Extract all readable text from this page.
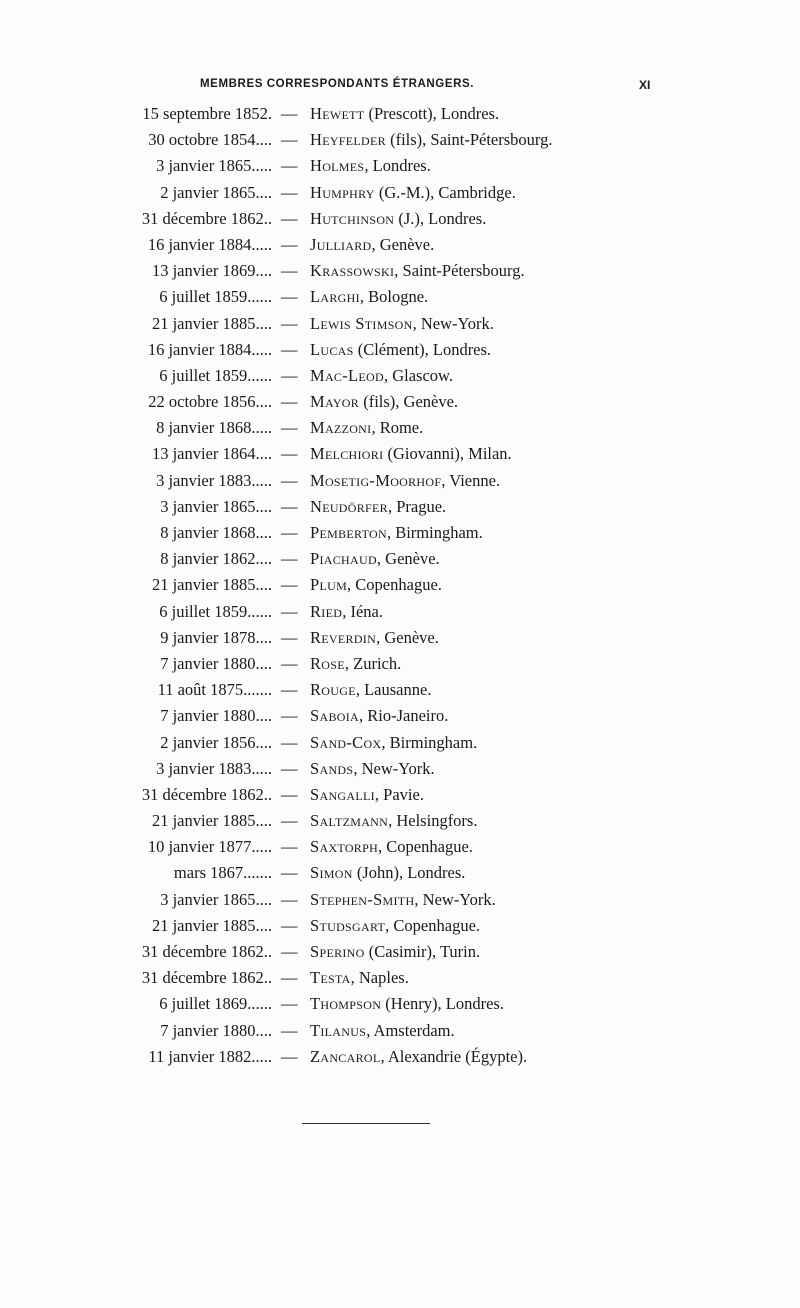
MEMBRES CORRESPONDANTS ÉTRANGERS.	XI
15 septembre 1852. — Hewett (Prescott), Londres.
30 octobre 1854.... — Heyfelder (fils), Saint-Pétersbourg.
3 janvier 1865..... — Holmes, Londres.
2 janvier 1865.... — Humphry (G.-M.), Cambridge.
31 décembre 1862.. — Hutchinson (J.), Londres.
16 janvier 1884..... — Julliard, Genève.
13 janvier 1869.... — Krassowski, Saint-Pétersbourg.
6 juillet 1859...... — Larghi, Bologne.
21 janvier 1885.... — Lewis Stimson, New-York.
16 janvier 1884..... — Lucas (Clément), Londres.
6 juillet 1859...... — Mac-Leod, Glascow.
22 octobre 1856.... — Mayor (fils), Genève.
8 janvier 1868..... — Mazzoni, Rome.
13 janvier 1864.... — Melchiori (Giovanni), Milan.
3 janvier 1883..... — Mosetig-Moorhof, Vienne.
3 janvier 1865.... — Neudörfer, Prague.
8 janvier 1868.... — Pemberton, Birmingham.
8 janvier 1862.... — Piachaud, Genève.
21 janvier 1885.... — Plum, Copenhague.
6 juillet 1859...... — Ried, Iéna.
9 janvier 1878.... — Reverdin, Genève.
7 janvier 1880.... — Rose, Zurich.
11 août 1875....... — Rouge, Lausanne.
7 janvier 1880.... — Saboia, Rio-Janeiro.
2 janvier 1856.... — Sand-Cox, Birmingham.
3 janvier 1883..... — Sands, New-York.
31 décembre 1862.. — Sangalli, Pavie.
21 janvier 1885.... — Saltzmann, Helsingfors.
10 janvier 1877..... — Saxtorph, Copenhague.
mars 1867....... — Simon (John), Londres.
3 janvier 1865.... — Stephen-Smith, New-York.
21 janvier 1885.... — Studsgart, Copenhague.
31 décembre 1862.. — Sperino (Casimir), Turin.
31 décembre 1862.. — Testa, Naples.
6 juillet 1869...... — Thompson (Henry), Londres.
7 janvier 1880.... — Tilanus, Amsterdam.
11 janvier 1882..... — Zancarol, Alexandrie (Égypte).
